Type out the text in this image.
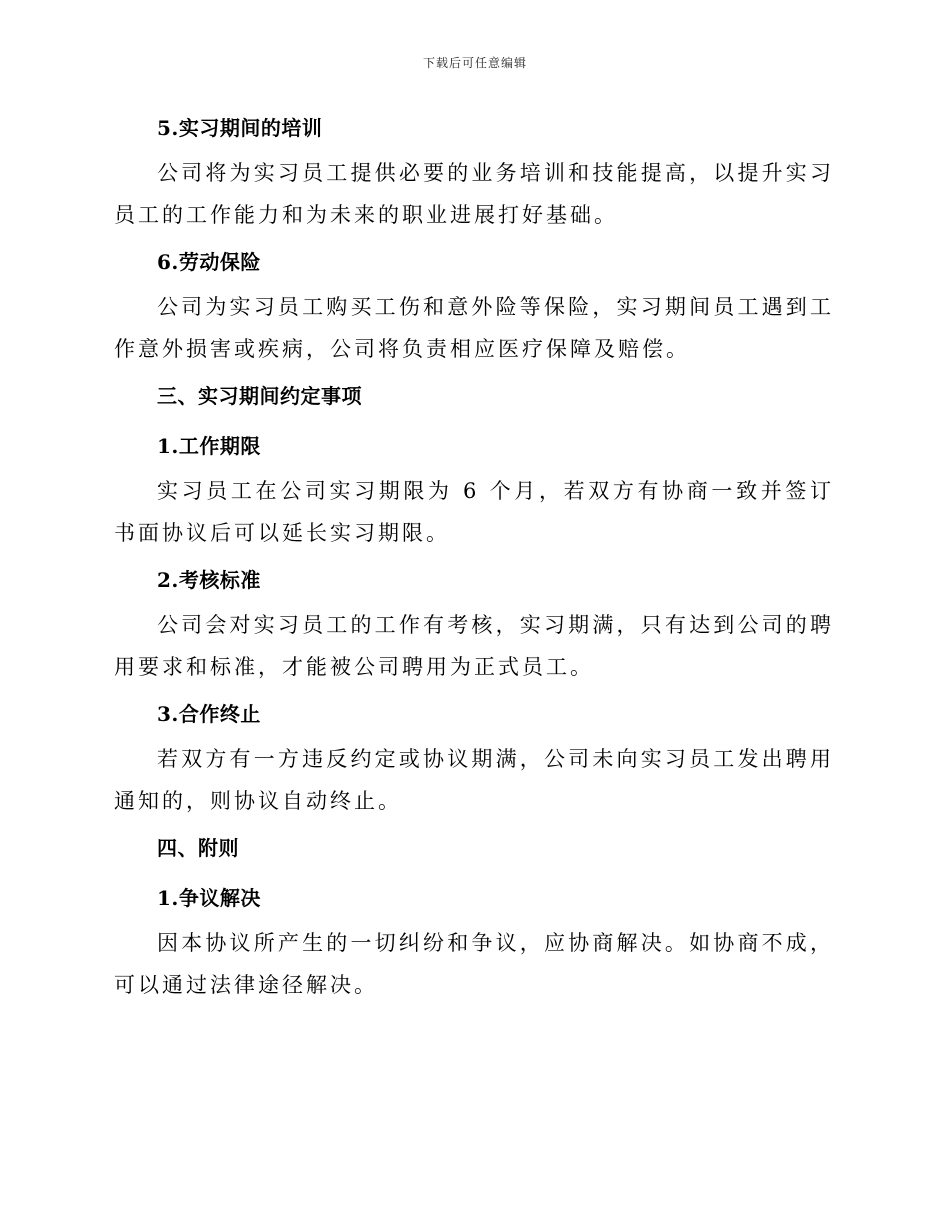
下载后可任意编辑

5.实习期间的培训

公司将为实习员工提供必要的业务培训和技能提高，以提升实习员工的工作能力和为未来的职业进展打好基础。

6.劳动保险

公司为实习员工购买工伤和意外险等保险，实习期间员工遇到工作意外损害或疾病，公司将负责相应医疗保障及赔偿。

三、实习期间约定事项

1.工作期限

实习员工在公司实习期限为 6 个月，若双方有协商一致并签订书面协议后可以延长实习期限。

2.考核标准

公司会对实习员工的工作有考核，实习期满，只有达到公司的聘用要求和标准，才能被公司聘用为正式员工。

3.合作终止

若双方有一方违反约定或协议期满，公司未向实习员工发出聘用通知的，则协议自动终止。

四、附则

1.争议解决

因本协议所产生的一切纠纷和争议，应协商解决。如协商不成，可以通过法律途径解决。
